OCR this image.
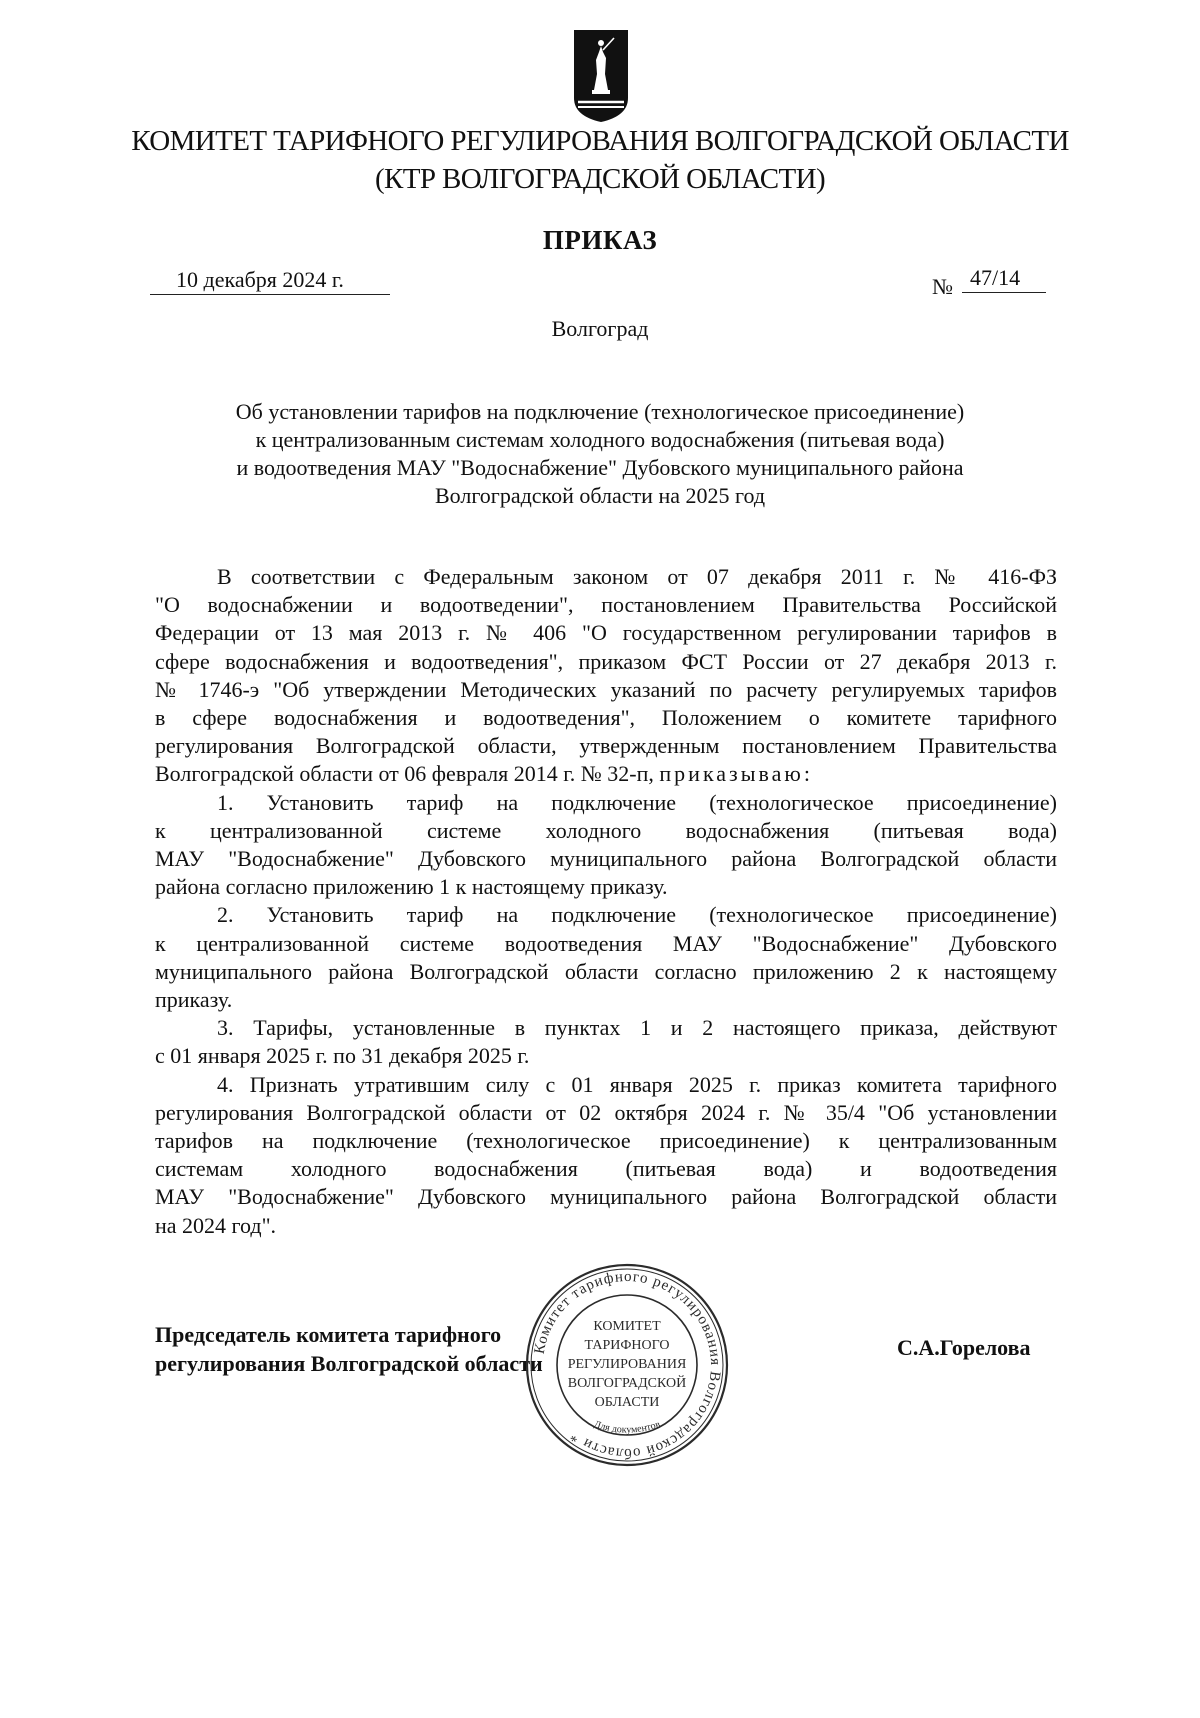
КОМИТЕТ ТАРИФНОГО РЕГУЛИРОВАНИЯ ВОЛГОГРАДСКОЙ ОБЛАСТИ
(КТР ВОЛГОГРАДСКОЙ ОБЛАСТИ)
ПРИКАЗ
10 декабря 2024 г.	№ 47/14
Волгоград
Об установлении тарифов на подключение (технологическое присоединение)
к централизованным системам холодного водоснабжения (питьевая вода)
и водоотведения МАУ "Водоснабжение" Дубовского муниципального района
Волгоградской области на 2025 год
В соответствии с Федеральным законом от 07 декабря 2011 г. № 416-ФЗ
"О водоснабжении и водоотведении", постановлением Правительства Российской
Федерации от 13 мая 2013 г. № 406 "О государственном регулировании тарифов в
сфере водоснабжения и водоотведения", приказом ФСТ России от 27 декабря 2013 г.
№ 1746-э "Об утверждении Методических указаний по расчету регулируемых тарифов
в сфере водоснабжения и водоотведения", Положением о комитете тарифного
регулирования Волгоградской области, утвержденным постановлением Правительства
Волгоградской области от 06 февраля 2014 г. № 32-п, приказываю:
1. Установить тариф на подключение (технологическое присоединение)
к централизованной системе холодного водоснабжения (питьевая вода)
МАУ "Водоснабжение" Дубовского муниципального района Волгоградской области
района согласно приложению 1 к настоящему приказу.
2. Установить тариф на подключение (технологическое присоединение)
к централизованной системе водоотведения МАУ "Водоснабжение" Дубовского
муниципального района Волгоградской области согласно приложению 2 к настоящему
приказу.
3. Тарифы, установленные в пунктах 1 и 2 настоящего приказа, действуют
с 01 января 2025 г. по 31 декабря 2025 г.
4. Признать утратившим силу с 01 января 2025 г. приказ комитета тарифного
регулирования Волгоградской области от 02 октября 2024 г. № 35/4 "Об установлении
тарифов на подключение (технологическое присоединение) к централизованным
системам холодного водоснабжения (питьевая вода) и водоотведения
МАУ "Водоснабжение" Дубовского муниципального района Волгоградской области
на 2024 год".
Председатель комитета тарифного
регулирования Волгоградской области
С.А.Горелова
Комитет тарифного регулирования Волгоградской области *
КОМИТЕТ
ТАРИФНОГО
РЕГУЛИРОВАНИЯ
ВОЛГОГРАДСКОЙ
ОБЛАСТИ
Для документов
